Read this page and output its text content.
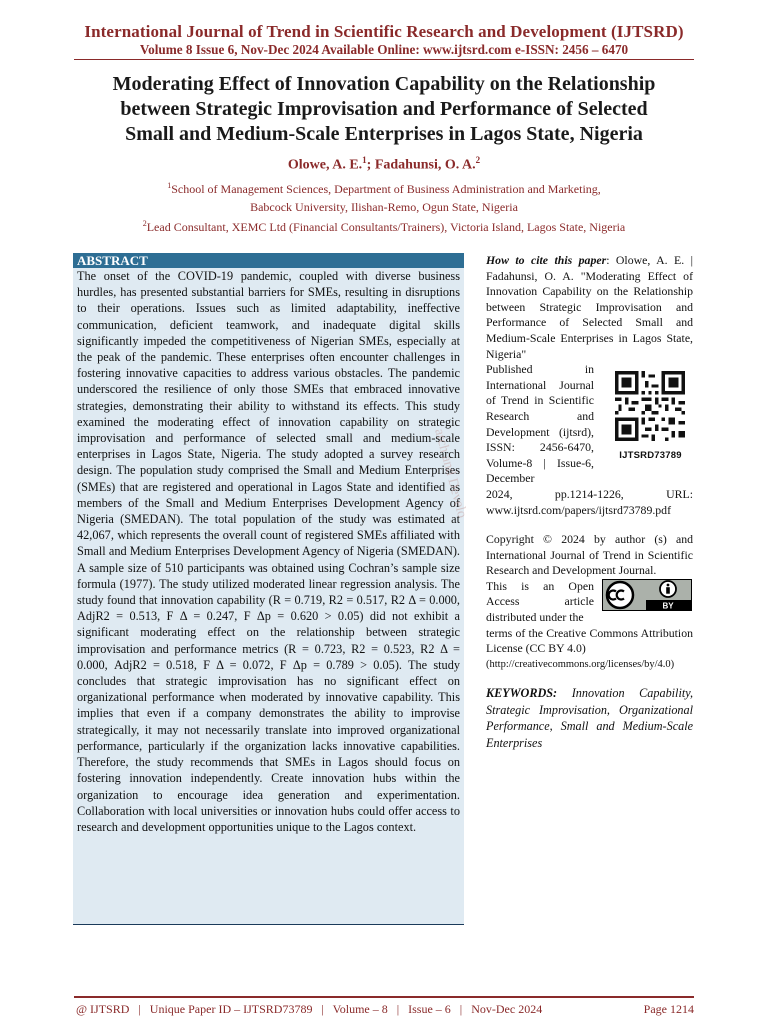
International Journal of Trend in Scientific Research and Development (IJTSRD)
Volume 8 Issue 6, Nov-Dec 2024 Available Online: www.ijtsrd.com e-ISSN: 2456 – 6470
Moderating Effect of Innovation Capability on the Relationship
between Strategic Improvisation and Performance of Selected
Small and Medium-Scale Enterprises in Lagos State, Nigeria
Olowe, A. E.$^1$; Fadahunsi, O. A.$^2$
$^1$School of Management Sciences, Department of Business Administration and Marketing,
Babcock University, Ilishan-Remo, Ogun State, Nigeria
$^2$Lead Consultant, XEMC Ltd (Financial Consultants/Trainers), Victoria Island, Lagos State, Nigeria
ABSTRACT
The onset of the COVID-19 pandemic, coupled with diverse business hurdles, has presented substantial barriers for SMEs, resulting in disruptions to their operations. Issues such as limited adaptability, ineffective communication, deficient teamwork, and inadequate digital skills significantly impeded the competitiveness of Nigerian SMEs, especially at the peak of the pandemic. These enterprises often encounter challenges in fostering innovative capacities to address various obstacles. The pandemic underscored the resilience of only those SMEs that embraced innovative strategies, demonstrating their ability to withstand its effects. This study examined the moderating effect of innovation capability on strategic improvisation and performance of selected small and medium-scale enterprises in Lagos State, Nigeria. The study adopted a survey research design. The population study comprised the Small and Medium Enterprises (SMEs) that are registered and operational in Lagos State and identified as members of the Small and Medium Enterprises Development Agency of Nigeria (SMEDAN). The total population of the study was estimated at 42,067, which represents the overall count of registered SMEs affiliated with Small and Medium Enterprises Development Agency of Nigeria (SMEDAN). A sample size of 510 participants was obtained using Cochran’s sample size formula (1977). The study utilized moderated linear regression analysis. The study found that innovation capability (R = 0.719, R2 = 0.517, R2 Δ = 0.000, AdjR2 = 0.513, F Δ = 0.247, F Δp = 0.620 > 0.05) did not exhibit a significant moderating effect on the relationship between strategic improvisation and performance metrics (R = 0.723, R2 = 0.523, R2 Δ = 0.000, AdjR2 = 0.518, F Δ = 0.072, F Δp = 0.789 > 0.05). The study concludes that strategic improvisation has no significant effect on organizational performance when moderated by innovative capability. This implies that even if a company demonstrates the ability to improvise strategically, it may not necessarily translate into improved organizational performance, particularly if the organization lacks innovative capabilities. Therefore, the study recommends that SMEs in Lagos should focus on fostering innovation independently. Create innovation hubs within the organization to encourage idea generation and experimentation. Collaboration with local universities or innovation hubs could offer access to research and development opportunities unique to the Lagos context.
arch and Develo
How to cite this paper: Olowe, A. E. | Fadahunsi, O. A. "Moderating Effect of Innovation Capability on the Relationship between Strategic Improvisation and Performance of Selected Small and Medium-Scale Enterprises in Lagos State, Nigeria"
Published in International Journal of Trend in Scientific Research and Development (ijtsrd), ISSN: 2456-6470, Volume-8 | Issue-6, December
2024, pp.1214-1226, URL: www.ijtsrd.com/papers/ijtsrd73789.pdf
IJTSRD73789
Copyright © 2024 by author (s) and International Journal of Trend in Scientific Research and Development Journal.
This is an Open Access article distributed under the
BY
terms of the Creative Commons Attribution License (CC BY 4.0)
(http://creativecommons.org/licenses/by/4.0)
KEYWORDS: Innovation Capability, Strategic Improvisation, Organizational Performance, Small and Medium-Scale Enterprises
@ IJTSRD   |   Unique Paper ID – IJTSRD73789   |   Volume – 8   |   Issue – 6   |   Nov-Dec 2024	Page 1214
